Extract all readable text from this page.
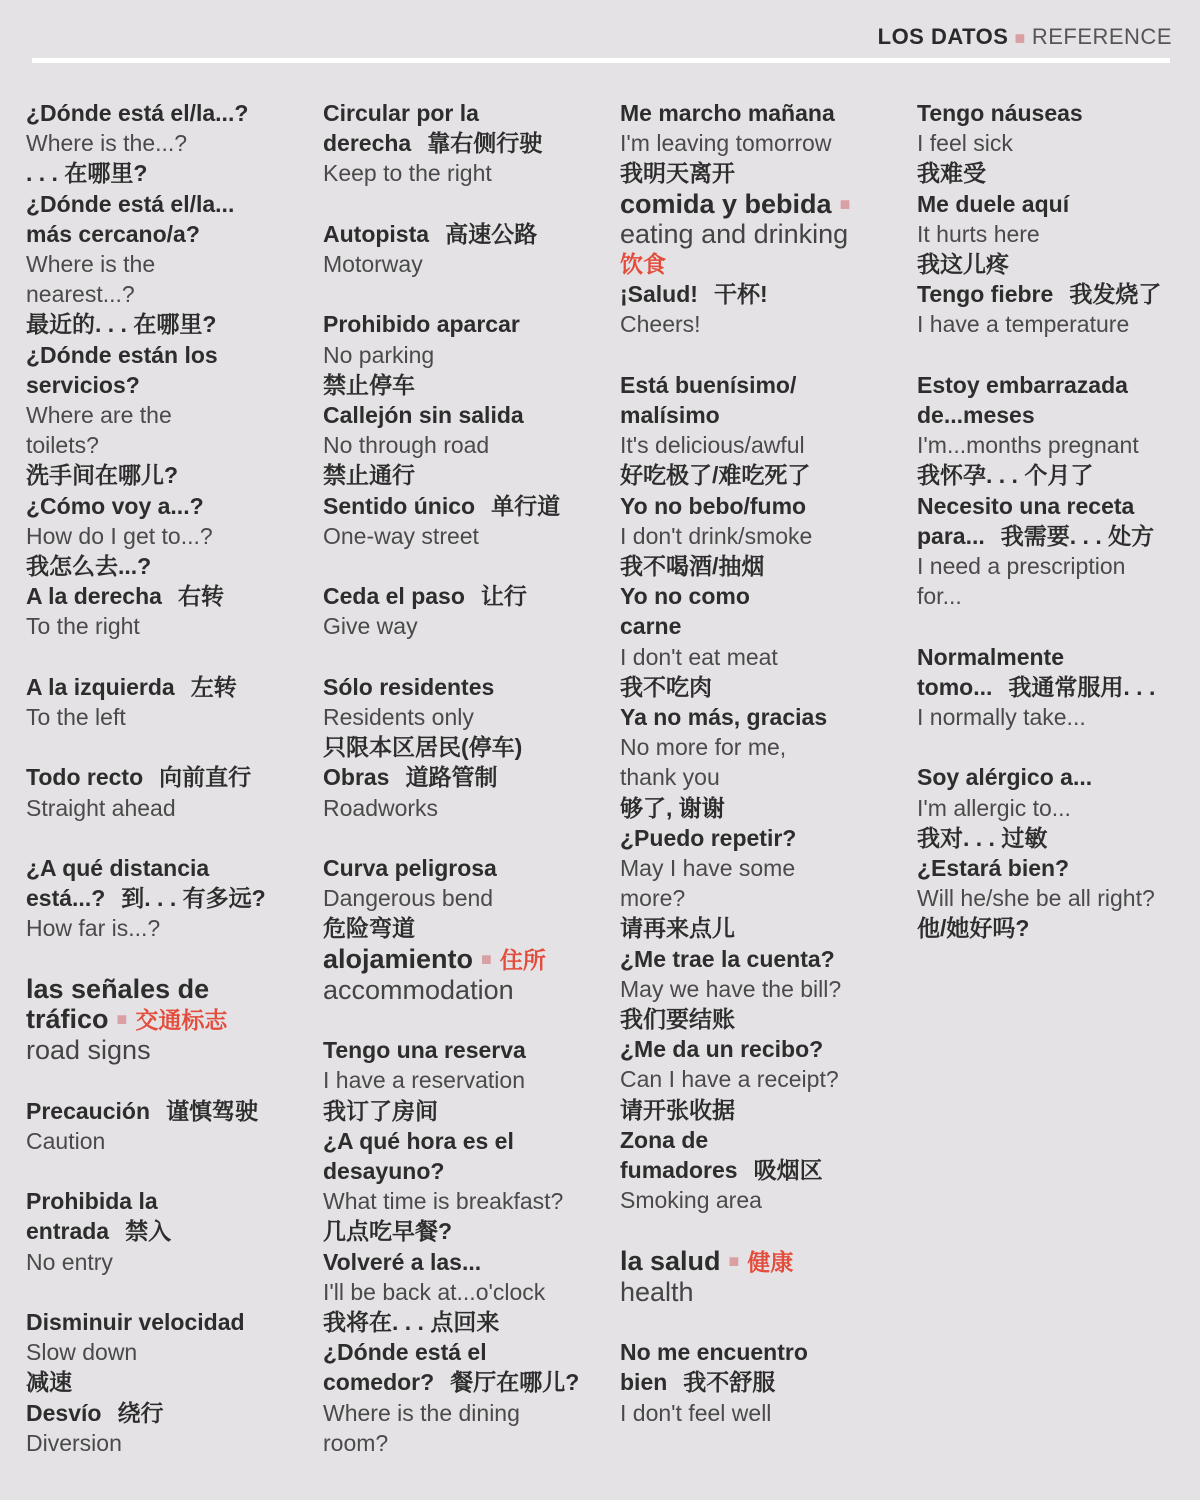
LOS DATOS ■ REFERENCE
¿Dónde está el/la...?
Where is the...?
. . . 在哪里?
¿Dónde está el/la...
más cercano/a?
Where is the
nearest...?
最近的. . . 在哪里?
¿Dónde están los
servicios?
Where are the
toilets?
洗手间在哪儿?
¿Cómo voy a...?
How do I get to...?
我怎么去...?
A la derecha 右转
To the right
A la izquierda 左转
To the left
Todo recto 向前直行
Straight ahead
¿A qué distancia
está...? 到. . . 有多远?
How far is...?
las señales de
tráfico ■ 交通标志
road signs
Precaución 谨慎驾驶
Caution
Prohibida la
entrada 禁入
No entry
Disminuir velocidad
Slow down
减速
Desvío 绕行
Diversion
Circular por la
derecha 靠右侧行驶
Keep to the right
Autopista 高速公路
Motorway
Prohibido aparcar
No parking
禁止停车
Callejón sin salida
No through road
禁止通行
Sentido único 单行道
One-way street
Ceda el paso 让行
Give way
Sólo residentes
Residents only
只限本区居民(停车)
Obras 道路管制
Roadworks
Curva peligrosa
Dangerous bend
危险弯道
alojamiento ■ 住所
accommodation
Tengo una reserva
I have a reservation
我订了房间
¿A qué hora es el
desayuno?
What time is breakfast?
几点吃早餐?
Volveré a las...
I'll be back at...o'clock
我将在. . . 点回来
¿Dónde está el
comedor? 餐厅在哪儿?
Where is the dining
room?
Me marcho mañana
I'm leaving tomorrow
我明天离开
comida y bebida ■
eating and drinking
饮食
¡Salud! 干杯!
Cheers!
Está buenísimo/
malísimo
It's delicious/awful
好吃极了/难吃死了
Yo no bebo/fumo
I don't drink/smoke
我不喝酒/抽烟
Yo no como
carne
I don't eat meat
我不吃肉
Ya no más, gracias
No more for me,
thank you
够了, 谢谢
¿Puedo repetir?
May I have some
more?
请再来点儿
¿Me trae la cuenta?
May we have the bill?
我们要结账
¿Me da un recibo?
Can I have a receipt?
请开张收据
Zona de
fumadores 吸烟区
Smoking area
la salud ■ 健康
health
No me encuentro
bien 我不舒服
I don't feel well
Tengo náuseas
I feel sick
我难受
Me duele aquí
It hurts here
我这儿疼
Tengo fiebre 我发烧了
I have a temperature
Estoy embarrazada
de...meses
I'm...months pregnant
我怀孕. . . 个月了
Necesito una receta
para... 我需要. . . 处方
I need a prescription
for...
Normalmente
tomo... 我通常服用. . .
I normally take...
Soy alérgico a...
I'm allergic to...
我对. . . 过敏
¿Estará bien?
Will he/she be all right?
他/她好吗?
